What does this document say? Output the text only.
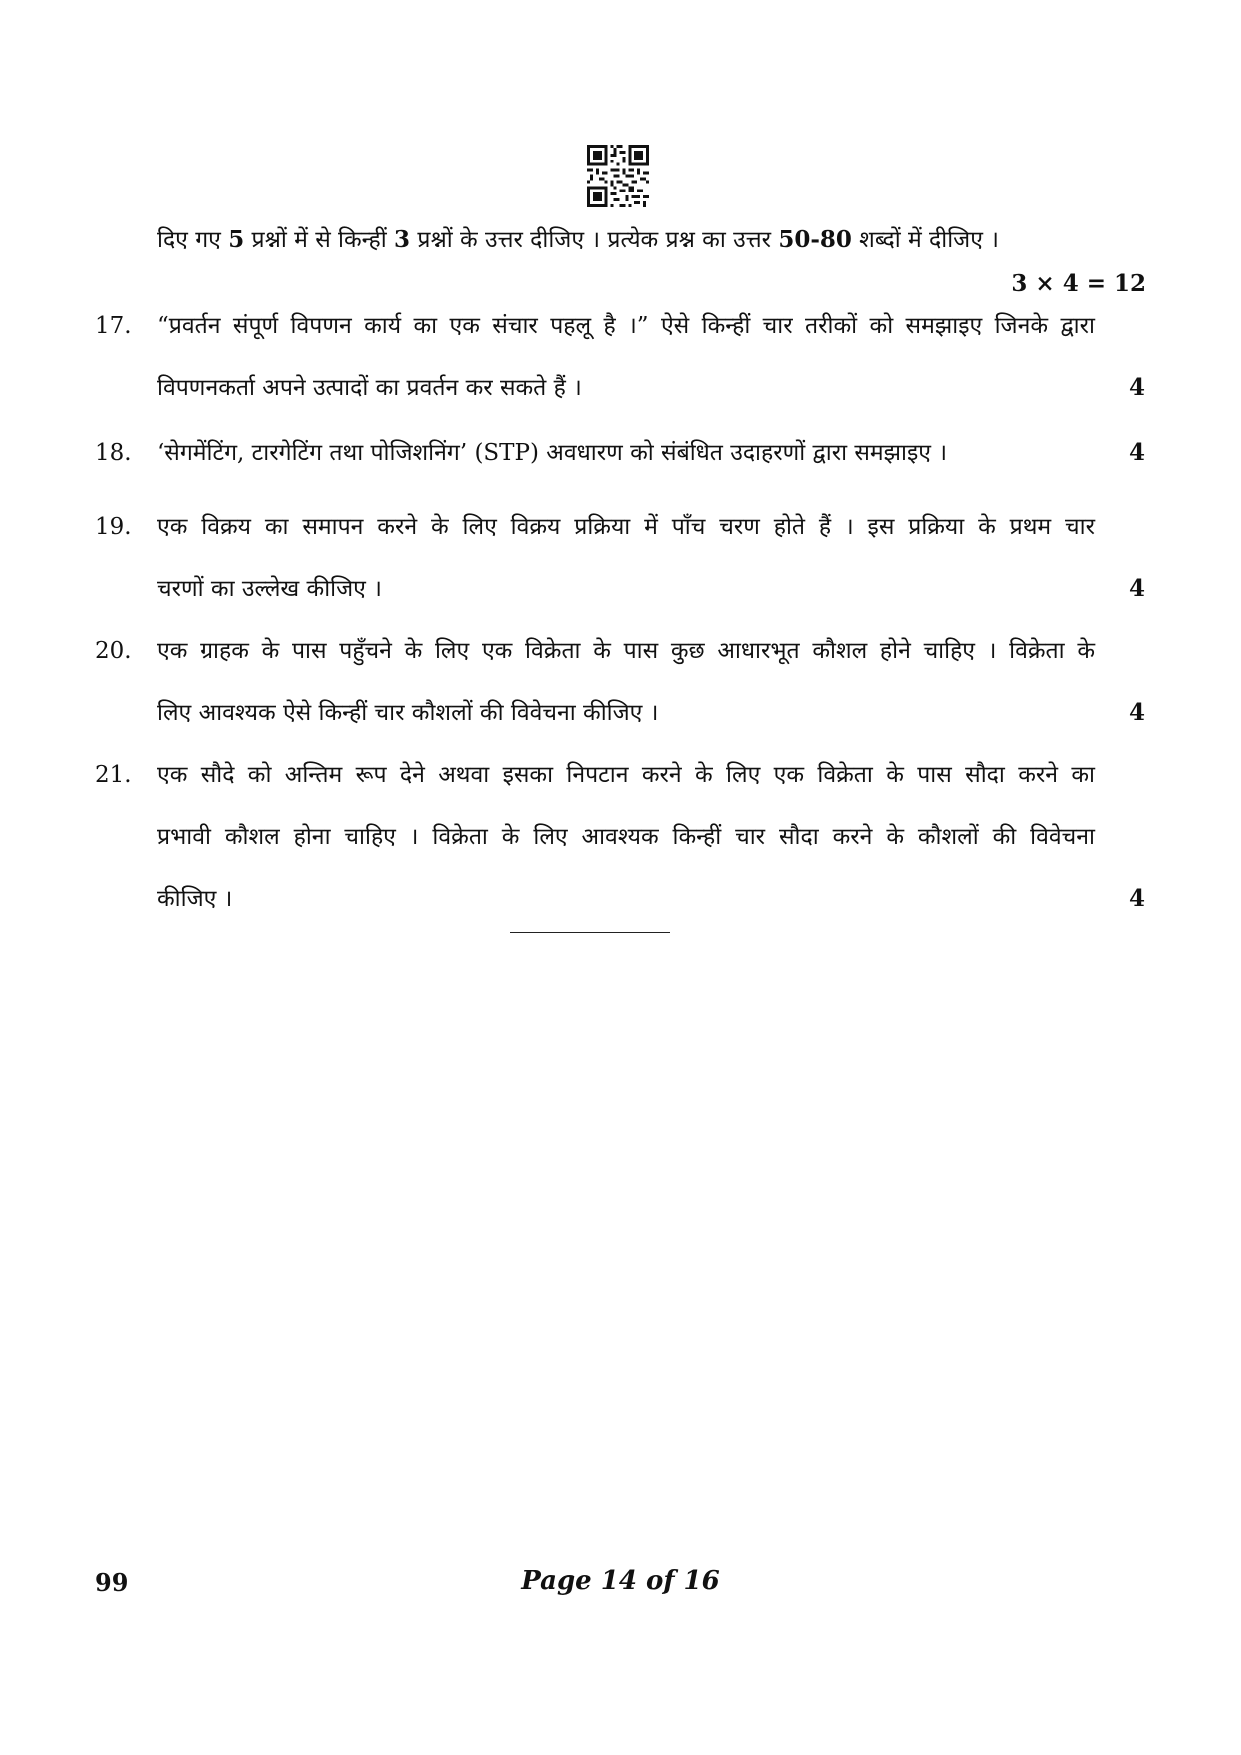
दिए गए 5 प्रश्नों में से किन्हीं 3 प्रश्नों के उत्तर दीजिए । प्रत्येक प्रश्न का उत्तर 50-80 शब्दों में दीजिए ।
3 × 4 = 12
17.	“प्रवर्तन संपूर्ण विपणन कार्य का एक संचार पहलू है ।” ऐसे किन्हीं चार तरीकों को समझाइए जिनके द्वारा
विपणनकर्ता अपने उत्पादों का प्रवर्तन कर सकते हैं ।	4
18.	‘सेगमेंटिंग, टारगेटिंग तथा पोजिशनिंग’ (STP) अवधारण को संबंधित उदाहरणों द्वारा समझाइए ।	4
19.	एक विक्रय का समापन करने के लिए विक्रय प्रक्रिया में पाँच चरण होते हैं । इस प्रक्रिया के प्रथम चार
चरणों का उल्लेख कीजिए ।	4
20.	एक ग्राहक के पास पहुँचने के लिए एक विक्रेता के पास कुछ आधारभूत कौशल होने चाहिए । विक्रेता के
लिए आवश्यक ऐसे किन्हीं चार कौशलों की विवेचना कीजिए ।	4
21.	एक सौदे को अन्तिम रूप देने अथवा इसका निपटान करने के लिए एक विक्रेता के पास सौदा करने का
प्रभावी कौशल होना चाहिए । विक्रेता के लिए आवश्यक किन्हीं चार सौदा करने के कौशलों की विवेचना
कीजिए ।	4
99	Page 14 of 16
